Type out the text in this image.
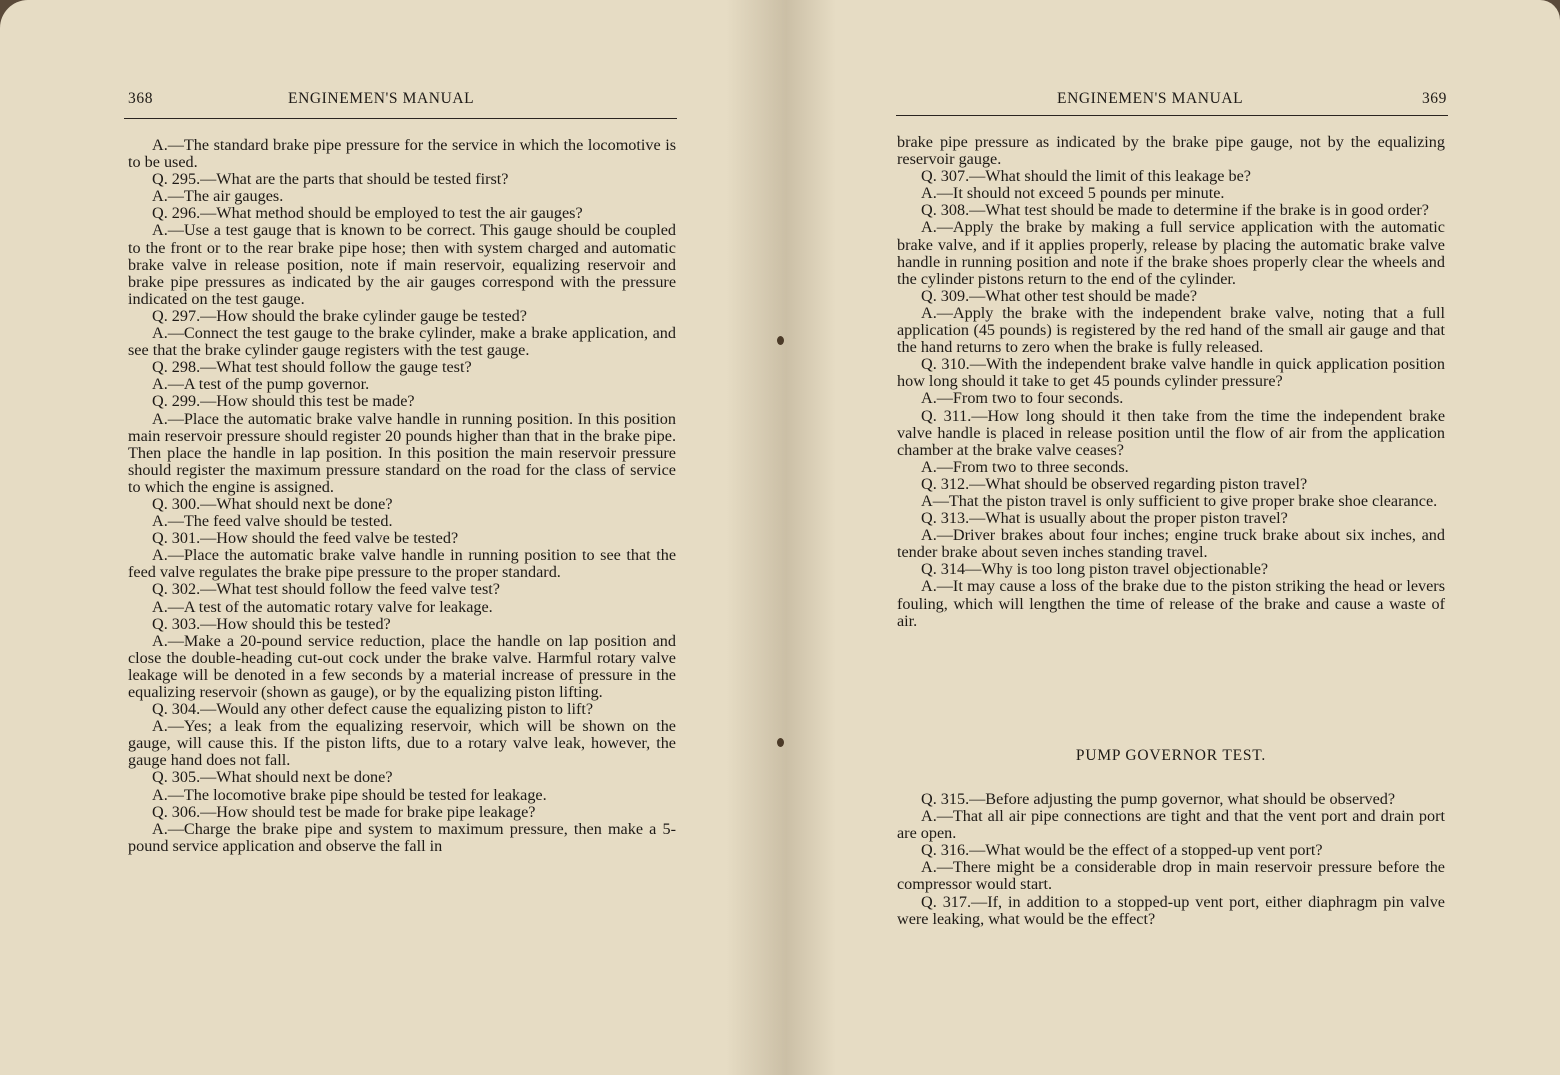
368	ENGINEMEN'S MANUAL

A.—The standard brake pipe pressure for the service in which the locomotive is to be used.

Q. 295.—What are the parts that should be tested first?

A.—The air gauges.

Q. 296.—What method should be employed to test the air gauges?

A.—Use a test gauge that is known to be correct. This gauge should be coupled to the front or to the rear brake pipe hose; then with system charged and automatic brake valve in release position, note if main reservoir, equalizing reservoir and brake pipe pressures as indicated by the air gauges correspond with the pressure indicated on the test gauge.

Q. 297.—How should the brake cylinder gauge be tested?

A.—Connect the test gauge to the brake cylinder, make a brake application, and see that the brake cylinder gauge registers with the test gauge.

Q. 298.—What test should follow the gauge test?

A.—A test of the pump governor.

Q. 299.—How should this test be made?

A.—Place the automatic brake valve handle in running position. In this position main reservoir pressure should register 20 pounds higher than that in the brake pipe. Then place the handle in lap position. In this position the main reservoir pressure should register the maximum pressure standard on the road for the class of service to which the engine is assigned.

Q. 300.—What should next be done?

A.—The feed valve should be tested.

Q. 301.—How should the feed valve be tested?

A.—Place the automatic brake valve handle in running position to see that the feed valve regulates the brake pipe pressure to the proper standard.

Q. 302.—What test should follow the feed valve test?

A.—A test of the automatic rotary valve for leakage.

Q. 303.—How should this be tested?

A.—Make a 20-pound service reduction, place the handle on lap position and close the double-heading cut-out cock under the brake valve. Harmful rotary valve leakage will be denoted in a few seconds by a material increase of pressure in the equalizing reservoir (shown as gauge), or by the equalizing piston lifting.

Q. 304.—Would any other defect cause the equalizing piston to lift?

A.—Yes; a leak from the equalizing reservoir, which will be shown on the gauge, will cause this. If the piston lifts, due to a rotary valve leak, however, the gauge hand does not fall.

Q. 305.—What should next be done?

A.—The locomotive brake pipe should be tested for leakage.

Q. 306.—How should test be made for brake pipe leakage?

A.—Charge the brake pipe and system to maximum pressure, then make a 5-pound service application and observe the fall in

ENGINEMEN'S MANUAL	369

brake pipe pressure as indicated by the brake pipe gauge, not by the equalizing reservoir gauge.

Q. 307.—What should the limit of this leakage be?

A.—It should not exceed 5 pounds per minute.

Q. 308.—What test should be made to determine if the brake is in good order?

A.—Apply the brake by making a full service application with the automatic brake valve, and if it applies properly, release by placing the automatic brake valve handle in running position and note if the brake shoes properly clear the wheels and the cylinder pistons return to the end of the cylinder.

Q. 309.—What other test should be made?

A.—Apply the brake with the independent brake valve, noting that a full application (45 pounds) is registered by the red hand of the small air gauge and that the hand returns to zero when the brake is fully released.

Q. 310.—With the independent brake valve handle in quick application position how long should it take to get 45 pounds cylinder pressure?

A.—From two to four seconds.

Q. 311.—How long should it then take from the time the independent brake valve handle is placed in release position until the flow of air from the application chamber at the brake valve ceases?

A.—From two to three seconds.

Q. 312.—What should be observed regarding piston travel?

A—That the piston travel is only sufficient to give proper brake shoe clearance.

Q. 313.—What is usually about the proper piston travel?

A.—Driver brakes about four inches; engine truck brake about six inches, and tender brake about seven inches standing travel.

Q. 314—Why is too long piston travel objectionable?

A.—It may cause a loss of the brake due to the piston striking the head or levers fouling, which will lengthen the time of release of the brake and cause a waste of air.

PUMP GOVERNOR TEST.

Q. 315.—Before adjusting the pump governor, what should be observed?

A.—That all air pipe connections are tight and that the vent port and drain port are open.

Q. 316.—What would be the effect of a stopped-up vent port?

A.—There might be a considerable drop in main reservoir pressure before the compressor would start.

Q. 317.—If, in addition to a stopped-up vent port, either diaphragm pin valve were leaking, what would be the effect?
